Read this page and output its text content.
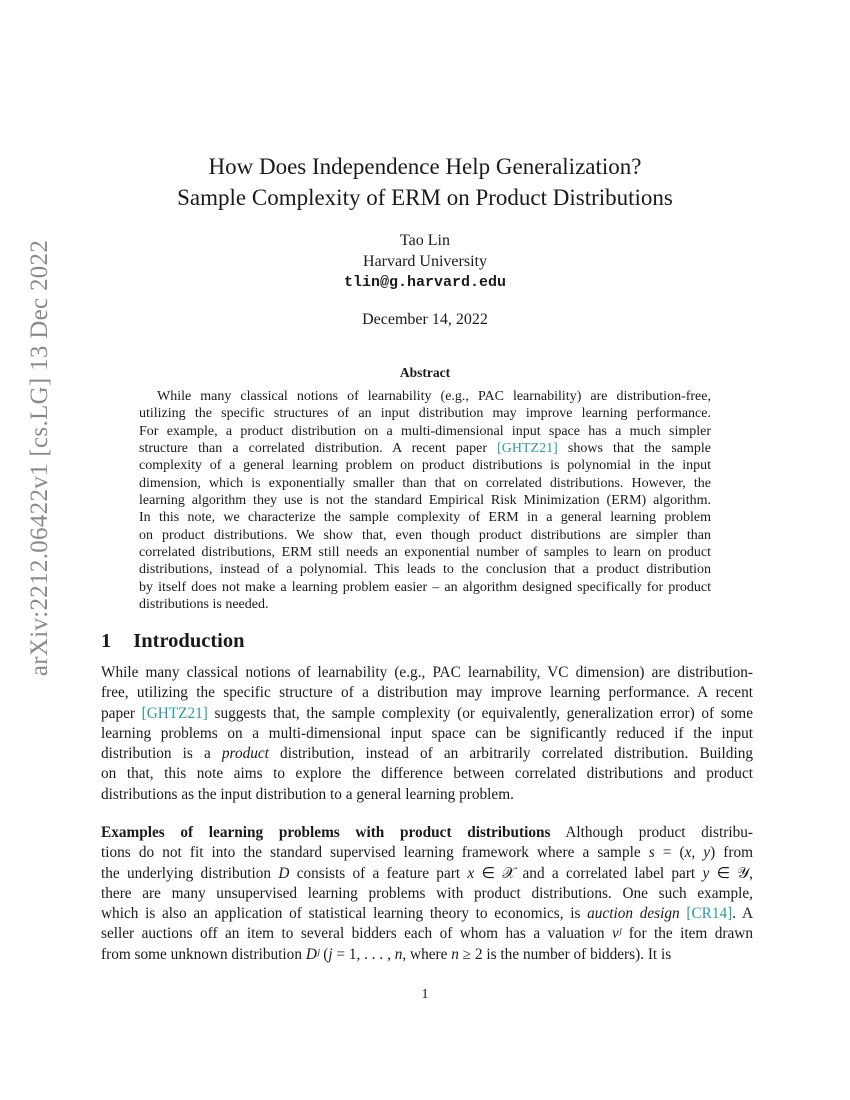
arXiv:2212.06422v1 [cs.LG] 13 Dec 2022
How Does Independence Help Generalization?
Sample Complexity of ERM on Product Distributions
Tao Lin
Harvard University
tlin@g.harvard.edu
December 14, 2022
Abstract
While many classical notions of learnability (e.g., PAC learnability) are distribution-free,
utilizing the specific structures of an input distribution may improve learning performance.
For example, a product distribution on a multi-dimensional input space has a much simpler
structure than a correlated distribution. A recent paper [GHTZ21] shows that the sample
complexity of a general learning problem on product distributions is polynomial in the input
dimension, which is exponentially smaller than that on correlated distributions. However, the
learning algorithm they use is not the standard Empirical Risk Minimization (ERM) algorithm.
In this note, we characterize the sample complexity of ERM in a general learning problem
on product distributions. We show that, even though product distributions are simpler than
correlated distributions, ERM still needs an exponential number of samples to learn on product
distributions, instead of a polynomial. This leads to the conclusion that a product distribution
by itself does not make a learning problem easier – an algorithm designed specifically for product
distributions is needed.
1 Introduction
While many classical notions of learnability (e.g., PAC learnability, VC dimension) are distribution-
free, utilizing the specific structure of a distribution may improve learning performance. A recent
paper [GHTZ21] suggests that, the sample complexity (or equivalently, generalization error) of some
learning problems on a multi-dimensional input space can be significantly reduced if the input
distribution is a product distribution, instead of an arbitrarily correlated distribution. Building
on that, this note aims to explore the difference between correlated distributions and product
distributions as the input distribution to a general learning problem.
Examples of learning problems with product distributions Although product distribu-
tions do not fit into the standard supervised learning framework where a sample s = (x, y) from
the underlying distribution D consists of a feature part x ∈ 𝒳 and a correlated label part y ∈ 𝒴,
there are many unsupervised learning problems with product distributions. One such example,
which is also an application of statistical learning theory to economics, is auction design [CR14]. A
seller auctions off an item to several bidders each of whom has a valuation vʲ for the item drawn
from some unknown distribution Dʲ (j = 1, . . . , n, where n ≥ 2 is the number of bidders). It is
1
